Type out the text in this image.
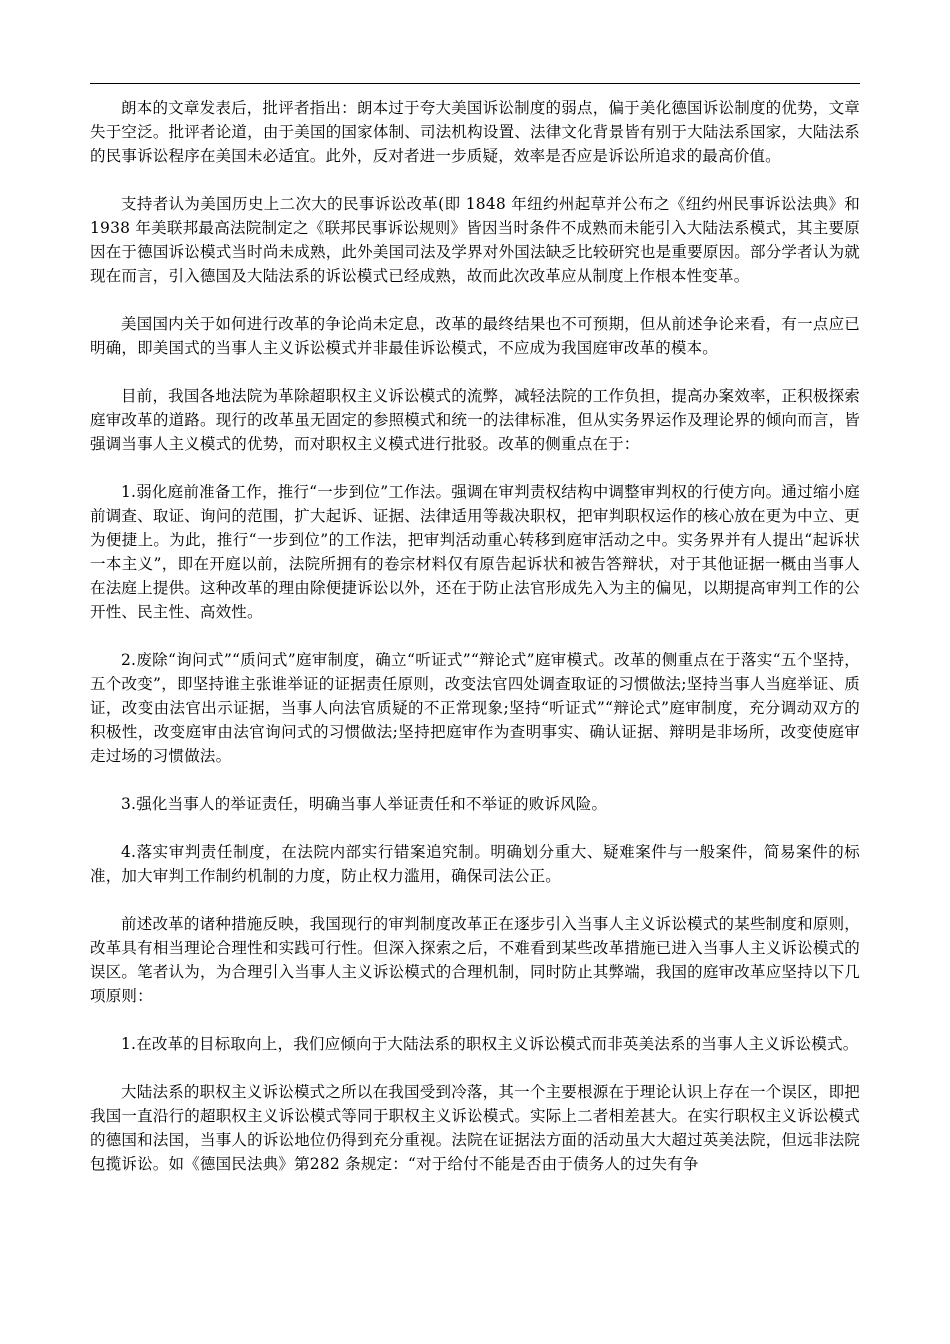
朗本的文章发表后，批评者指出：朗本过于夸大美国诉讼制度的弱点，偏于美化德国诉讼制度的优势，文章失于空泛。批评者论道，由于美国的国家体制、司法机构设置、法律文化背景皆有别于大陆法系国家，大陆法系的民事诉讼程序在美国未必适宜。此外，反对者进一步质疑，效率是否应是诉讼所追求的最高价值。

支持者认为美国历史上二次大的民事诉讼改革(即 1848 年纽约州起草并公布之《纽约州民事诉讼法典》和 1938 年美联邦最高法院制定之《联邦民事诉讼规则》皆因当时条件不成熟而未能引入大陆法系模式，其主要原因在于德国诉讼模式当时尚未成熟，此外美国司法及学界对外国法缺乏比较研究也是重要原因。部分学者认为就现在而言，引入德国及大陆法系的诉讼模式已经成熟，故而此次改革应从制度上作根本性变革。

美国国内关于如何进行改革的争论尚未定息，改革的最终结果也不可预期，但从前述争论来看，有一点应已明确，即美国式的当事人主义诉讼模式并非最佳诉讼模式，不应成为我国庭审改革的模本。

目前，我国各地法院为革除超职权主义诉讼模式的流弊，减轻法院的工作负担，提高办案效率，正积极探索庭审改革的道路。现行的改革虽无固定的参照模式和统一的法律标准，但从实务界运作及理论界的倾向而言，皆强调当事人主义模式的优势，而对职权主义模式进行批驳。改革的侧重点在于：

1.弱化庭前准备工作，推行“一步到位”工作法。强调在审判责权结构中调整审判权的行使方向。通过缩小庭前调查、取证、询问的范围，扩大起诉、证据、法律适用等裁决职权，把审判职权运作的核心放在更为中立、更为便捷上。为此，推行“一步到位”的工作法，把审判活动重心转移到庭审活动之中。实务界并有人提出“起诉状一本主义”，即在开庭以前，法院所拥有的卷宗材料仅有原告起诉状和被告答辩状，对于其他证据一概由当事人在法庭上提供。这种改革的理由除便捷诉讼以外，还在于防止法官形成先入为主的偏见，以期提高审判工作的公开性、民主性、高效性。

2.废除“询问式”“质问式”庭审制度，确立“听证式”“辩论式”庭审模式。改革的侧重点在于落实“五个坚持，五个改变”，即坚持谁主张谁举证的证据责任原则，改变法官四处调查取证的习惯做法;坚持当事人当庭举证、质证，改变由法官出示证据，当事人向法官质疑的不正常现象;坚持“听证式”“辩论式”庭审制度，充分调动双方的积极性，改变庭审由法官询问式的习惯做法;坚持把庭审作为查明事实、确认证据、辩明是非场所，改变使庭审走过场的习惯做法。

3.强化当事人的举证责任，明确当事人举证责任和不举证的败诉风险。

4.落实审判责任制度，在法院内部实行错案追究制。明确划分重大、疑难案件与一般案件，简易案件的标准，加大审判工作制约机制的力度，防止权力滥用，确保司法公正。

前述改革的诸种措施反映，我国现行的审判制度改革正在逐步引入当事人主义诉讼模式的某些制度和原则，改革具有相当理论合理性和实践可行性。但深入探索之后，不难看到某些改革措施已进入当事人主义诉讼模式的误区。笔者认为，为合理引入当事人主义诉讼模式的合理机制，同时防止其弊端，我国的庭审改革应坚持以下几项原则：

1.在改革的目标取向上，我们应倾向于大陆法系的职权主义诉讼模式而非英美法系的当事人主义诉讼模式。

大陆法系的职权主义诉讼模式之所以在我国受到冷落，其一个主要根源在于理论认识上存在一个误区，即把我国一直沿行的超职权主义诉讼模式等同于职权主义诉讼模式。实际上二者相差甚大。在实行职权主义诉讼模式的德国和法国，当事人的诉讼地位仍得到充分重视。法院在证据法方面的活动虽大大超过英美法院，但远非法院包揽诉讼。如《德国民法典》第282 条规定：“对于给付不能是否由于债务人的过失有争
